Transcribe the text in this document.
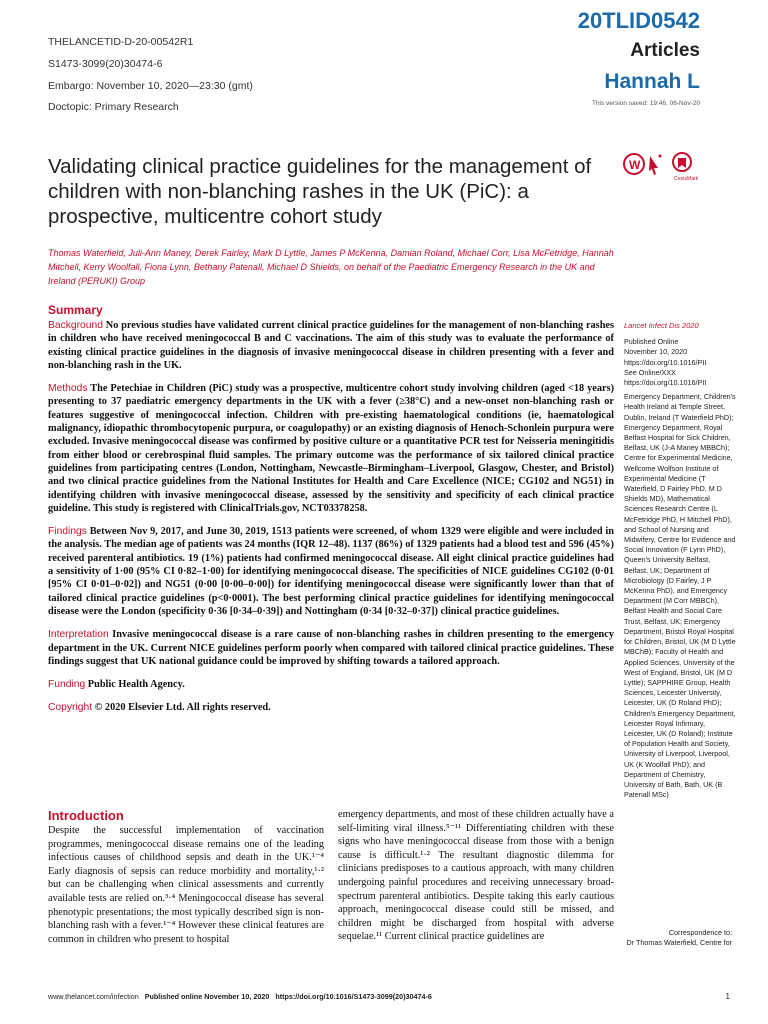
THELANCETID-D-20-00542R1
S1473-3099(20)30474-6
Embargo: November 10, 2020—23:30 (gmt)
Doctopic: Primary Research
20TLID0542
Articles
Hannah L
This version saved: 19:46, 06-Nov-20
W
CrossMark
Validating clinical practice guidelines for the management of children with non-blanching rashes in the UK (PiC): a prospective, multicentre cohort study
Thomas Waterfield, Juli-Ann Maney, Derek Fairley, Mark D Lyttle, James P McKenna, Damian Roland, Michael Corr, Lisa McFetridge, Hannah Mitchell, Kerry Woolfall, Fiona Lynn, Bethany Patenall, Michael D Shields, on behalf of the Paediatric Emergency Research in the UK and Ireland (PERUKI) Group
Summary

Background No previous studies have validated current clinical practice guidelines for the management of non-blanching rashes in children who have received meningococcal B and C vaccinations. The aim of this study was to evaluate the performance of existing clinical practice guidelines in the diagnosis of invasive meningococcal disease in children presenting with a fever and non-blanching rash in the UK.

Methods The Petechiae in Children (PiC) study was a prospective, multicentre cohort study involving children (aged <18 years) presenting to 37 paediatric emergency departments in the UK with a fever (≥38°C) and a new-onset non-blanching rash or features suggestive of meningococcal infection. Children with pre-existing haematological conditions (ie, haematological malignancy, idiopathic thrombocytopenic purpura, or coagulopathy) or an existing diagnosis of Henoch-Schonlein purpura were excluded. Invasive meningococcal disease was confirmed by positive culture or a quantitative PCR test for Neisseria meningitidis from either blood or cerebrospinal fluid samples. The primary outcome was the performance of six tailored clinical practice guidelines from participating centres (London, Nottingham, Newcastle–Birmingham–Liverpool, Glasgow, Chester, and Bristol) and two clinical practice guidelines from the National Institutes for Health and Care Excellence (NICE; CG102 and NG51) in identifying children with invasive meningococcal disease, assessed by the sensitivity and specificity of each clinical practice guideline. This study is registered with ClinicalTrials.gov, NCT03378258.

Findings Between Nov 9, 2017, and June 30, 2019, 1513 patients were screened, of whom 1329 were eligible and were included in the analysis. The median age of patients was 24 months (IQR 12–48). 1137 (86%) of 1329 patients had a blood test and 596 (45%) received parenteral antibiotics. 19 (1%) patients had confirmed meningococcal disease. All eight clinical practice guidelines had a sensitivity of 1·00 (95% CI 0·82–1·00) for identifying meningococcal disease. The specificities of NICE guidelines CG102 (0·01 [95% CI 0·01–0·02]) and NG51 (0·00 [0·00–0·00]) for identifying meningococcal disease were significantly lower than that of tailored clinical practice guidelines (p<0·0001). The best performing clinical practice guidelines for identifying meningococcal disease were the London (specificity 0·36 [0·34–0·39]) and Nottingham (0·34 [0·32–0·37]) clinical practice guidelines.

Interpretation Invasive meningococcal disease is a rare cause of non-blanching rashes in children presenting to the emergency department in the UK. Current NICE guidelines perform poorly when compared with tailored clinical practice guidelines. These findings suggest that UK national guidance could be improved by shifting towards a tailored approach.

Funding Public Health Agency.

Copyright © 2020 Elsevier Ltd. All rights reserved.

Lancet Infect Dis 2020
Published Online
November 10, 2020
https://doi.org/10.1016/PII
See Online/XXX
https://doi.org/10.1016/PII
Emergency Department, Children's Health Ireland at Temple Street, Dublin, Ireland (T Waterfield PhD); Emergency Department, Royal Belfast Hospital for Sick Children, Belfast, UK (J-A Maney MBBCh); Centre for Experimental Medicine, Wellcome Wolfson Institute of Experimental Medicine (T Waterfield, D Fairley PhD, M D Shields MD), Mathematical Sciences Research Centre (L McFetridge PhD, H Mitchell PhD), and School of Nursing and Midwifery, Centre for Evidence and Social Innovation (F Lynn PhD), Queen's University Belfast, Belfast, UK; Department of Microbiology (D Fairley, J P McKenna PhD), and Emergency Department (M Corr MBBCh), Belfast Health and Social Care Trust, Belfast, UK; Emergency Department, Bristol Royal Hospital for Children, Bristol, UK (M D Lyttle MBChB); Faculty of Health and Applied Sciences, University of the West of England, Bristol, UK (M D Lyttle); SAPPHIRE Group, Health Sciences, Leicester University, Leicester, UK (D Roland PhD); Children's Emergency Department, Leicester Royal Infirmary, Leicester, UK (D Roland); Institute of Population Health and Society, University of Liverpool, Liverpool, UK (K Woolfall PhD); and Department of Chemistry, University of Bath, Bath, UK (B Patenall MSc)
Correspondence to:
Dr Thomas Waterfield, Centre for
Introduction
Despite the successful implementation of vaccination programmes, meningococcal disease remains one of the leading infectious causes of childhood sepsis and death in the UK.¹⁻⁴ Early diagnosis of sepsis can reduce morbidity and mortality,¹·² but can be challenging when clinical assessments and currently available tests are relied on.³·⁴ Meningococcal disease has several phenotypic presentations; the most typically described sign is non-blanching rash with a fever.¹⁻⁴ However these clinical features are common in children who present to hospital
emergency departments, and most of these children actually have a self-limiting viral illness.⁵⁻¹¹ Differentiating children with these signs who have meningococcal disease from those with a benign cause is difficult.¹·² The resultant diagnostic dilemma for clinicians predisposes to a cautious approach, with many children undergoing painful procedures and receiving unnecessary broad-spectrum parenteral antibiotics. Despite taking this early cautious approach, meningococcal disease could still be missed, and children might be discharged from hospital with adverse sequelae.¹¹ Current clinical practice guidelines are
www.thelancet.com/infection Published online November 10, 2020 https://doi.org/10.1016/S1473-3099(20)30474-6	1
